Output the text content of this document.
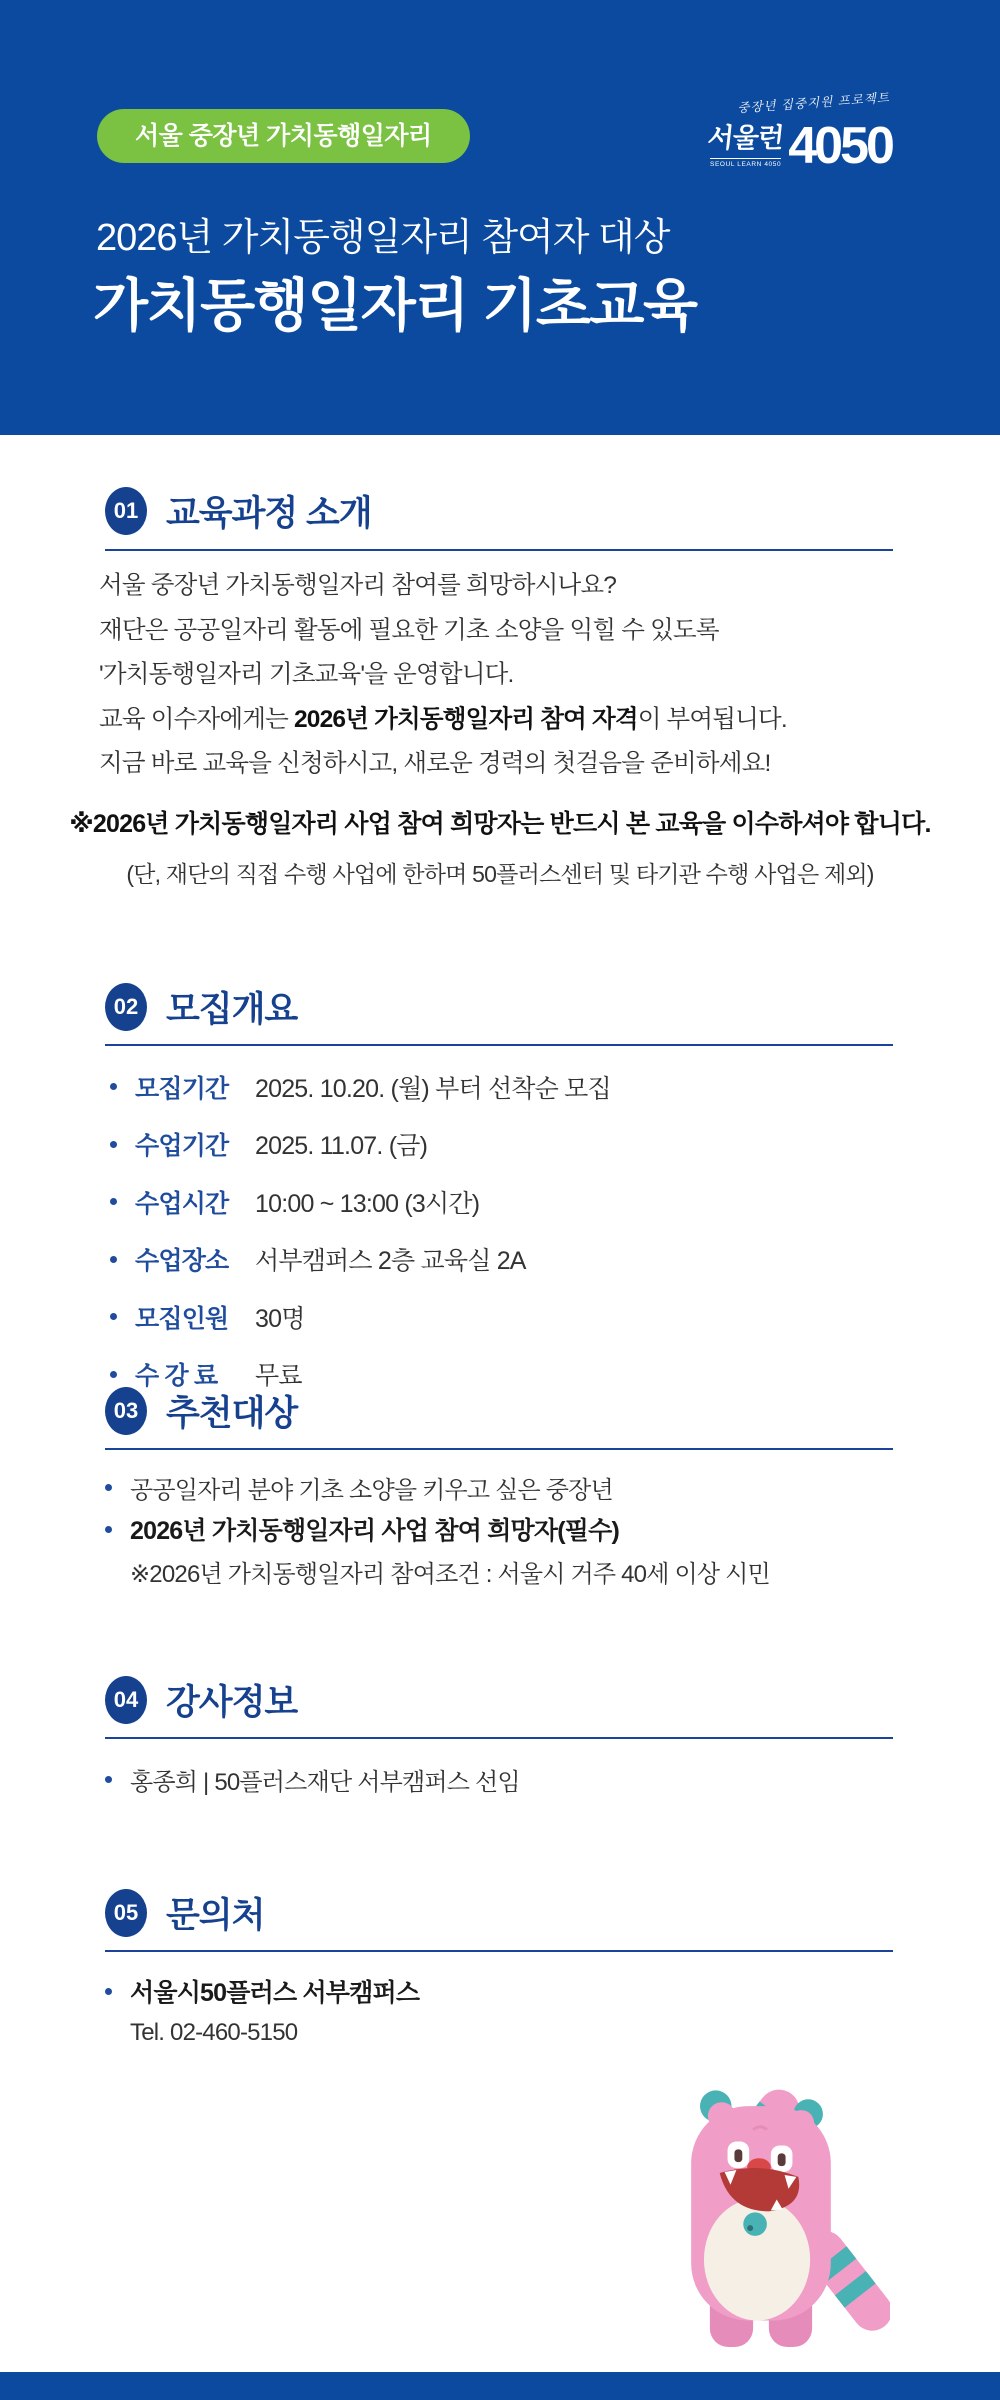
서울 중장년 가치동행일자리
중장년 집중지원 프로젝트
서울런
SEOUL LEARN 4050 4050
2026년 가치동행일자리 참여자 대상
가치동행일자리 기초교육
01 교육과정 소개
서울 중장년 가치동행일자리 참여를 희망하시나요?
재단은 공공일자리 활동에 필요한 기초 소양을 익힐 수 있도록
'가치동행일자리 기초교육'을 운영합니다.
교육 이수자에게는 2026년 가치동행일자리 참여 자격이 부여됩니다.
지금 바로 교육을 신청하시고, 새로운 경력의 첫걸음을 준비하세요!
※2026년 가치동행일자리 사업 참여 희망자는 반드시 본 교육을 이수하셔야 합니다.
(단, 재단의 직접 수행 사업에 한하며 50플러스센터 및 타기관 수행 사업은 제외)
02 모집개요
모집기간	2025. 10.20. (월) 부터 선착순 모집
수업기간	2025. 11.07. (금)
수업시간	10:00 ~ 13:00 (3시간)
수업장소	서부캠퍼스 2층 교육실 2A
모집인원	30명
수 강 료	무료
03 추천대상
공공일자리 분야 기초 소양을 키우고 싶은 중장년
2026년 가치동행일자리 사업 참여 희망자(필수)
※2026년 가치동행일자리 참여조건 : 서울시 거주 40세 이상 시민
04 강사정보
홍종희 | 50플러스재단 서부캠퍼스 선임
05 문의처
서울시50플러스 서부캠퍼스
Tel. 02-460-5150
